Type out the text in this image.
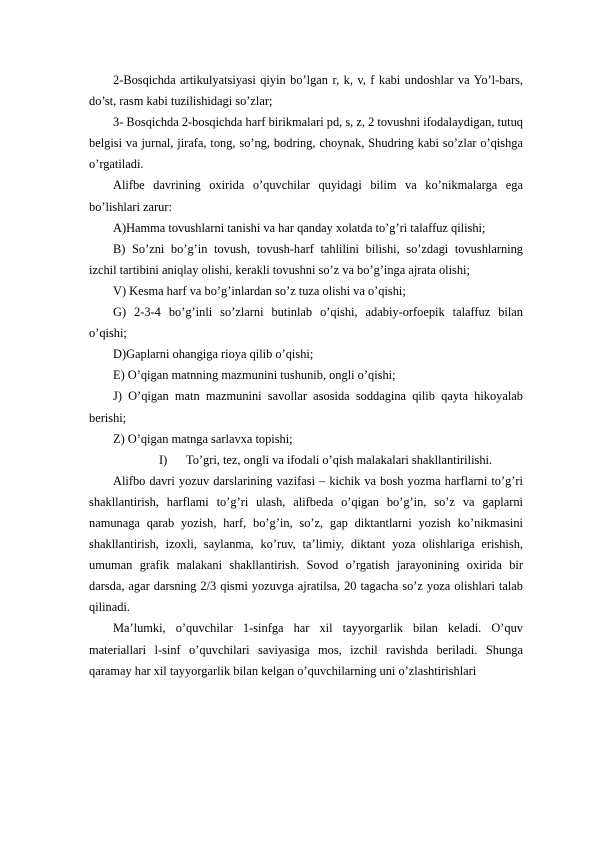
2-Bosqichda artikulyatsiyasi qiyin bo’lgan r, k, v, f kabi undoshlar va Yo’l-bars, do’st, rasm kabi tuzilishidagi so’zlar;

3- Bosqichda 2-bosqichda harf birikmalari pd, s, z, 2 tovushni ifodalaydigan, tutuq belgisi va jurnal, jirafa, tong, so’ng, bodring, choynak, Shudring kabi so’zlar o’qishga o’rgatiladi.

Alifbe davrining oxirida o’quvchilar quyidagi bilim va ko’nikmalarga ega bo’lishlari zarur:

A)Hamma tovushlarni tanishi va har qanday xolatda to’g’ri talaffuz qilishi;

B) So’zni bo’g’in tovush, tovush-harf tahlilini bilishi, so’zdagi tovushlarning izchil tartibini aniqlay olishi, kerakli tovushni so’z va bo’g’inga ajrata olishi;

V) Kesma harf va bo’g’inlardan so’z tuza olishi va o’qishi;

G) 2-3-4 bo’g’inli so’zlarni butinlab o’qishi, adabiy-orfoepik talaffuz bilan o’qishi;

D)Gaplarni ohangiga rioya qilib o’qishi;

E) O’qigan matnning mazmunini tushunib, ongli o’qishi;

J) O’qigan matn mazmunini savollar asosida soddagina qilib qayta hikoyalab berishi;

Z) O’qigan matnga sarlavxa topishi;

I) To’gri, tez, ongli va ifodali o’qish malakalari shakllantirilishi.

Alifbo davri yozuv darslarining vazifasi – kichik va bosh yozma harflarni to’g’ri shakllantirish, harflami to’g’ri ulash, alifbeda o’qigan bo’g’in, so’z va gaplarni namunaga qarab yozish, harf, bo’g’in, so’z, gap diktantlarni yozish ko’nikmasini shakllantirish, izoxli, saylanma, ko’ruv, ta’limiy, diktant yoza olishlariga erishish, umuman grafik malakani shakllantirish. Sovod o’rgatish jarayonining oxirida bir darsda, agar darsning 2/3 qismi yozuvga ajratilsa, 20 tagacha so’z yoza olishlari talab qilinadi.

Ma’lumki, o’quvchilar 1-sinfga har xil tayyorgarlik bilan keladi. O’quv materiallari l-sinf o’quvchilari saviyasiga mos, izchil ravishda beriladi. Shunga qaramay har xil tayyorgarlik bilan kelgan o’quvchilarning uni o’zlashtirishlari
